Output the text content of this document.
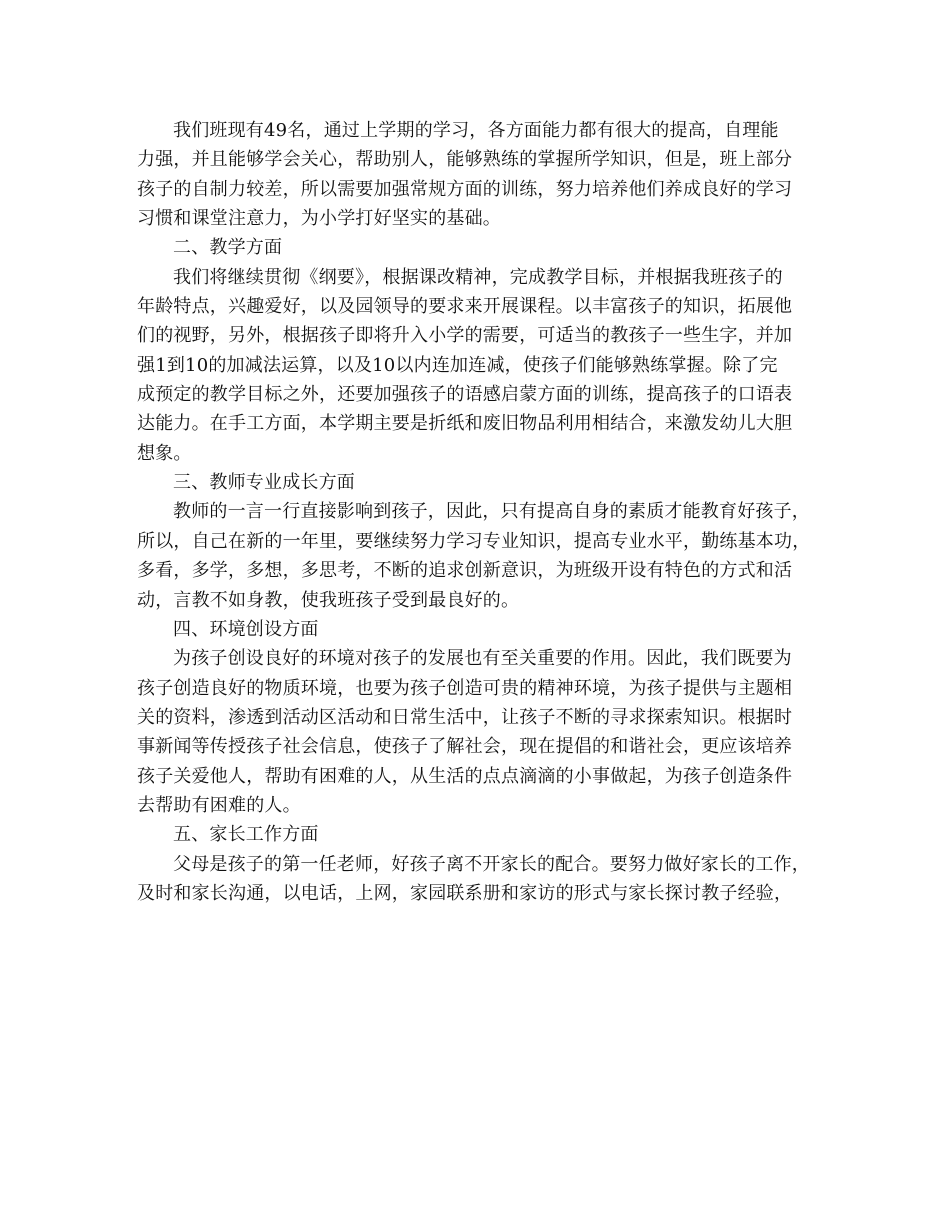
我们班现有49名，通过上学期的学习，各方面能力都有很大的提高，自理能
力强，并且能够学会关心，帮助别人，能够熟练的掌握所学知识，但是，班上部分
孩子的自制力较差，所以需要加强常规方面的训练，努力培养他们养成良好的学习
习惯和课堂注意力，为小学打好坚实的基础。
二、教学方面
我们将继续贯彻《纲要》，根据课改精神，完成教学目标，并根据我班孩子的
年龄特点，兴趣爱好，以及园领导的要求来开展课程。以丰富孩子的知识，拓展他
们的视野，另外，根据孩子即将升入小学的需要，可适当的教孩子一些生字，并加
强1到10的加减法运算，以及10以内连加连减，使孩子们能够熟练掌握。除了完
成预定的教学目标之外，还要加强孩子的语感启蒙方面的训练，提高孩子的口语表
达能力。在手工方面，本学期主要是折纸和废旧物品利用相结合，来激发幼儿大胆
想象。
三、教师专业成长方面
教师的一言一行直接影响到孩子，因此，只有提高自身的素质才能教育好孩子，
所以，自己在新的一年里，要继续努力学习专业知识，提高专业水平，勤练基本功，
多看，多学，多想，多思考，不断的追求创新意识，为班级开设有特色的方式和活
动，言教不如身教，使我班孩子受到最良好的。
四、环境创设方面
为孩子创设良好的环境对孩子的发展也有至关重要的作用。因此，我们既要为
孩子创造良好的物质环境，也要为孩子创造可贵的精神环境，为孩子提供与主题相
关的资料，渗透到活动区活动和日常生活中，让孩子不断的寻求探索知识。根据时
事新闻等传授孩子社会信息，使孩子了解社会，现在提倡的和谐社会，更应该培养
孩子关爱他人，帮助有困难的人，从生活的点点滴滴的小事做起，为孩子创造条件
去帮助有困难的人。
五、家长工作方面
父母是孩子的第一任老师，好孩子离不开家长的配合。要努力做好家长的工作，
及时和家长沟通，以电话，上网，家园联系册和家访的形式与家长探讨教子经验，
